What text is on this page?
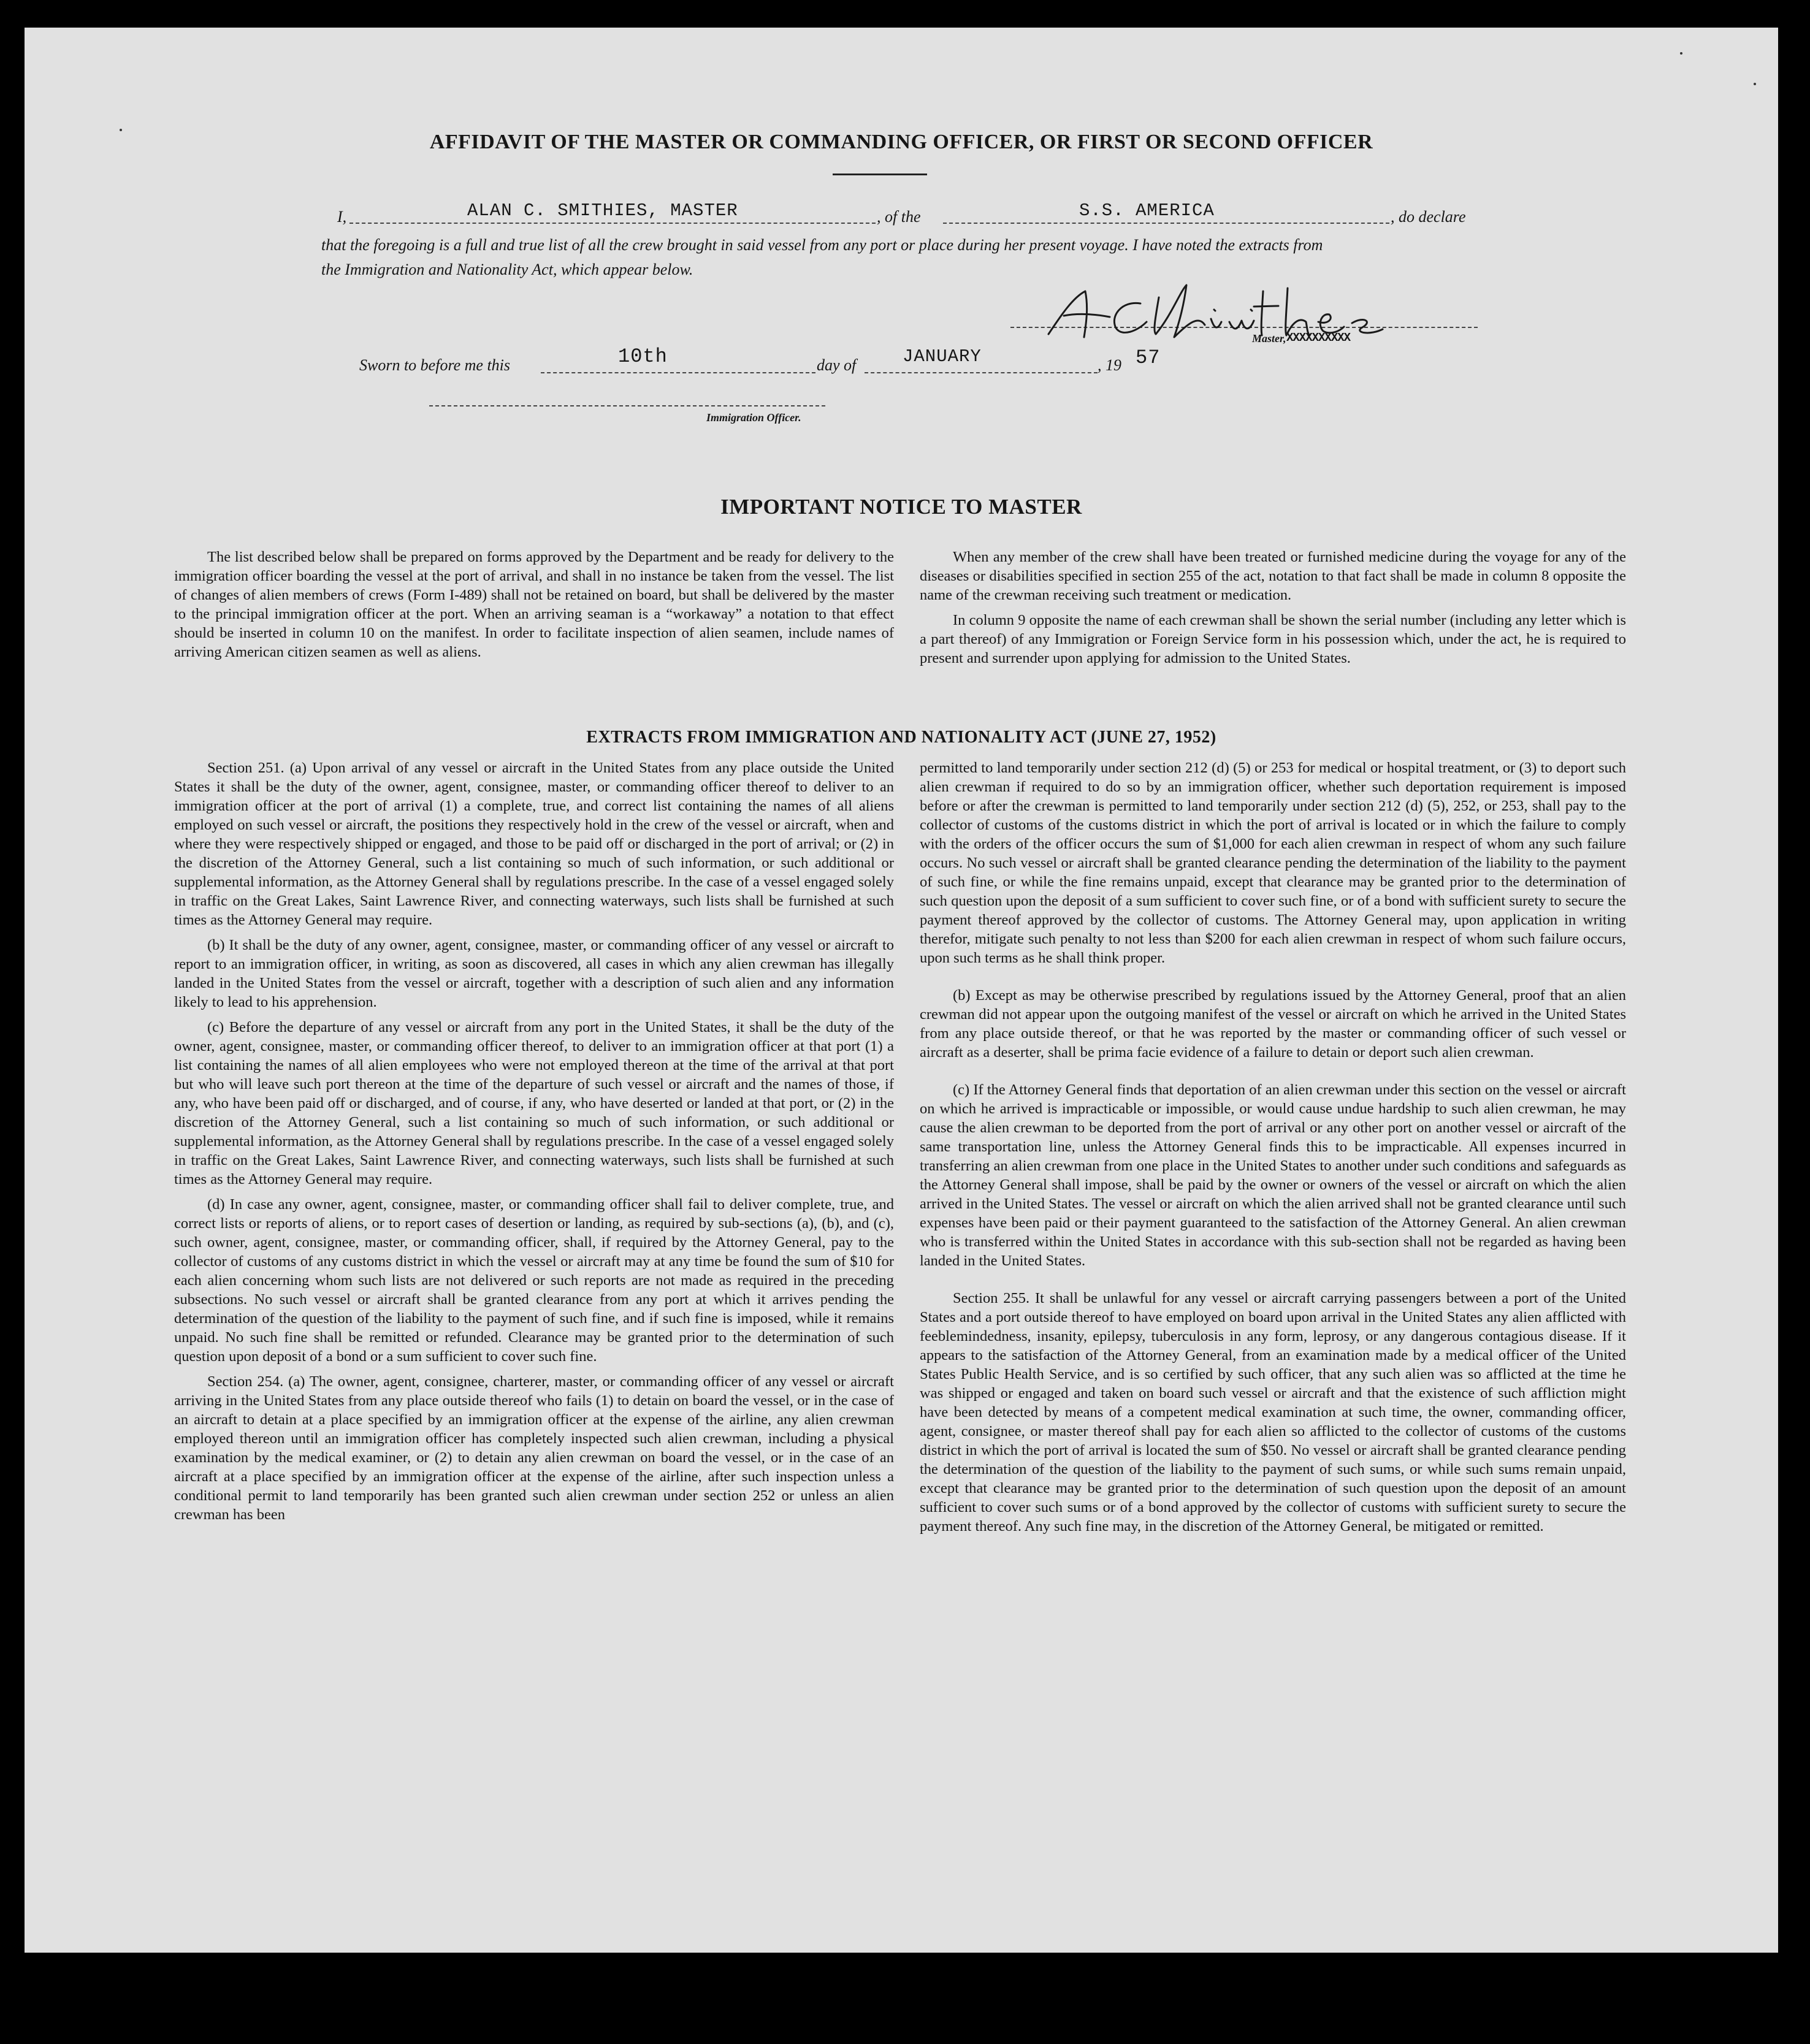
AFFIDAVIT OF THE MASTER OR COMMANDING OFFICER, OR FIRST OR SECOND OFFICER
I,	ALAN C. SMITHIES, MASTER	, of the	S.S. AMERICA	, do declare
that the foregoing is a full and true list of all the crew brought in said vessel from any port or place during her present voyage. I have noted the extracts from
the Immigration and Nationality Act, which appear below.
Master, XXXXXXXXXX
Sworn to before me this	10th	day of	JANUARY	, 19 57
Immigration Officer.
IMPORTANT NOTICE TO MASTER

The list described below shall be prepared on forms approved by the Department and be ready for delivery to the immigration officer boarding the vessel at the port of arrival, and shall in no instance be taken from the vessel. The list of changes of alien members of crews (Form I-489) shall not be retained on board, but shall be delivered by the master to the principal immigration officer at the port. When an arriving seaman is a “workaway” a notation to that effect should be inserted in column 10 on the manifest. In order to facilitate inspection of alien seamen, include names of arriving American citizen seamen as well as aliens.

When any member of the crew shall have been treated or furnished medicine during the voyage for any of the diseases or disabilities specified in section 255 of the act, notation to that fact shall be made in column 8 opposite the name of the crewman receiving such treatment or medication.

In column 9 opposite the name of each crewman shall be shown the serial number (including any letter which is a part thereof) of any Immigration or Foreign Service form in his possession which, under the act, he is required to present and surrender upon applying for admission to the United States.

EXTRACTS FROM IMMIGRATION AND NATIONALITY ACT (JUNE 27, 1952)

Section 251. (a) Upon arrival of any vessel or aircraft in the United States from any place outside the United States it shall be the duty of the owner, agent, consignee, master, or commanding officer thereof to deliver to an immigration officer at the port of arrival (1) a complete, true, and correct list containing the names of all aliens employed on such vessel or aircraft, the positions they respectively hold in the crew of the vessel or aircraft, when and where they were respectively shipped or engaged, and those to be paid off or discharged in the port of arrival; or (2) in the discretion of the Attorney General, such a list containing so much of such information, or such additional or supplemental information, as the Attorney General shall by regulations prescribe. In the case of a vessel engaged solely in traffic on the Great Lakes, Saint Lawrence River, and connecting waterways, such lists shall be furnished at such times as the Attorney General may require.

(b) It shall be the duty of any owner, agent, consignee, master, or commanding officer of any vessel or aircraft to report to an immigration officer, in writing, as soon as discovered, all cases in which any alien crewman has illegally landed in the United States from the vessel or aircraft, together with a description of such alien and any information likely to lead to his apprehension.

(c) Before the departure of any vessel or aircraft from any port in the United States, it shall be the duty of the owner, agent, consignee, master, or commanding officer thereof, to deliver to an immigration officer at that port (1) a list containing the names of all alien employees who were not employed thereon at the time of the arrival at that port but who will leave such port thereon at the time of the departure of such vessel or aircraft and the names of those, if any, who have been paid off or discharged, and of course, if any, who have deserted or landed at that port, or (2) in the discretion of the Attorney General, such a list containing so much of such information, or such additional or supplemental information, as the Attorney General shall by regulations prescribe. In the case of a vessel engaged solely in traffic on the Great Lakes, Saint Lawrence River, and connecting waterways, such lists shall be furnished at such times as the Attorney General may require.

(d) In case any owner, agent, consignee, master, or commanding officer shall fail to deliver complete, true, and correct lists or reports of aliens, or to report cases of desertion or landing, as required by sub-sections (a), (b), and (c), such owner, agent, consignee, master, or commanding officer, shall, if required by the Attorney General, pay to the collector of customs of any customs district in which the vessel or aircraft may at any time be found the sum of $10 for each alien concerning whom such lists are not delivered or such reports are not made as required in the preceding subsections. No such vessel or aircraft shall be granted clearance from any port at which it arrives pending the determination of the question of the liability to the payment of such fine, and if such fine is imposed, while it remains unpaid. No such fine shall be remitted or refunded. Clearance may be granted prior to the determination of such question upon deposit of a bond or a sum sufficient to cover such fine.

Section 254. (a) The owner, agent, consignee, charterer, master, or commanding officer of any vessel or aircraft arriving in the United States from any place outside thereof who fails (1) to detain on board the vessel, or in the case of an aircraft to detain at a place specified by an immigration officer at the expense of the airline, any alien crewman employed thereon until an immigration officer has completely inspected such alien crewman, including a physical examination by the medical examiner, or (2) to detain any alien crewman on board the vessel, or in the case of an aircraft at a place specified by an immigration officer at the expense of the airline, after such inspection unless a conditional permit to land temporarily has been granted such alien crewman under section 252 or unless an alien crewman has been

permitted to land temporarily under section 212 (d) (5) or 253 for medical or hospital treatment, or (3) to deport such alien crewman if required to do so by an immigration officer, whether such deportation requirement is imposed before or after the crewman is permitted to land temporarily under section 212 (d) (5), 252, or 253, shall pay to the collector of customs of the customs district in which the port of arrival is located or in which the failure to comply with the orders of the officer occurs the sum of $1,000 for each alien crewman in respect of whom any such failure occurs. No such vessel or aircraft shall be granted clearance pending the determination of the liability to the payment of such fine, or while the fine remains unpaid, except that clearance may be granted prior to the determination of such question upon the deposit of a sum sufficient to cover such fine, or of a bond with sufficient surety to secure the payment thereof approved by the collector of customs. The Attorney General may, upon application in writing therefor, mitigate such penalty to not less than $200 for each alien crewman in respect of whom such failure occurs, upon such terms as he shall think proper.

(b) Except as may be otherwise prescribed by regulations issued by the Attorney General, proof that an alien crewman did not appear upon the outgoing manifest of the vessel or aircraft on which he arrived in the United States from any place outside thereof, or that he was reported by the master or commanding officer of such vessel or aircraft as a deserter, shall be prima facie evidence of a failure to detain or deport such alien crewman.

(c) If the Attorney General finds that deportation of an alien crewman under this section on the vessel or aircraft on which he arrived is impracticable or impossible, or would cause undue hardship to such alien crewman, he may cause the alien crewman to be deported from the port of arrival or any other port on another vessel or aircraft of the same transportation line, unless the Attorney General finds this to be impracticable. All expenses incurred in transferring an alien crewman from one place in the United States to another under such conditions and safeguards as the Attorney General shall impose, shall be paid by the owner or owners of the vessel or aircraft on which the alien arrived in the United States. The vessel or aircraft on which the alien arrived shall not be granted clearance until such expenses have been paid or their payment guaranteed to the satisfaction of the Attorney General. An alien crewman who is transferred within the United States in accordance with this sub-section shall not be regarded as having been landed in the United States.

Section 255. It shall be unlawful for any vessel or aircraft carrying passengers between a port of the United States and a port outside thereof to have employed on board upon arrival in the United States any alien afflicted with feeblemindedness, insanity, epilepsy, tuberculosis in any form, leprosy, or any dangerous contagious disease. If it appears to the satisfaction of the Attorney General, from an examination made by a medical officer of the United States Public Health Service, and is so certified by such officer, that any such alien was so afflicted at the time he was shipped or engaged and taken on board such vessel or aircraft and that the existence of such affliction might have been detected by means of a competent medical examination at such time, the owner, commanding officer, agent, consignee, or master thereof shall pay for each alien so afflicted to the collector of customs of the customs district in which the port of arrival is located the sum of $50. No vessel or aircraft shall be granted clearance pending the determination of the question of the liability to the payment of such sums, or while such sums remain unpaid, except that clearance may be granted prior to the determination of such question upon the deposit of an amount sufficient to cover such sums or of a bond approved by the collector of customs with sufficient surety to secure the payment thereof. Any such fine may, in the discretion of the Attorney General, be mitigated or remitted.
